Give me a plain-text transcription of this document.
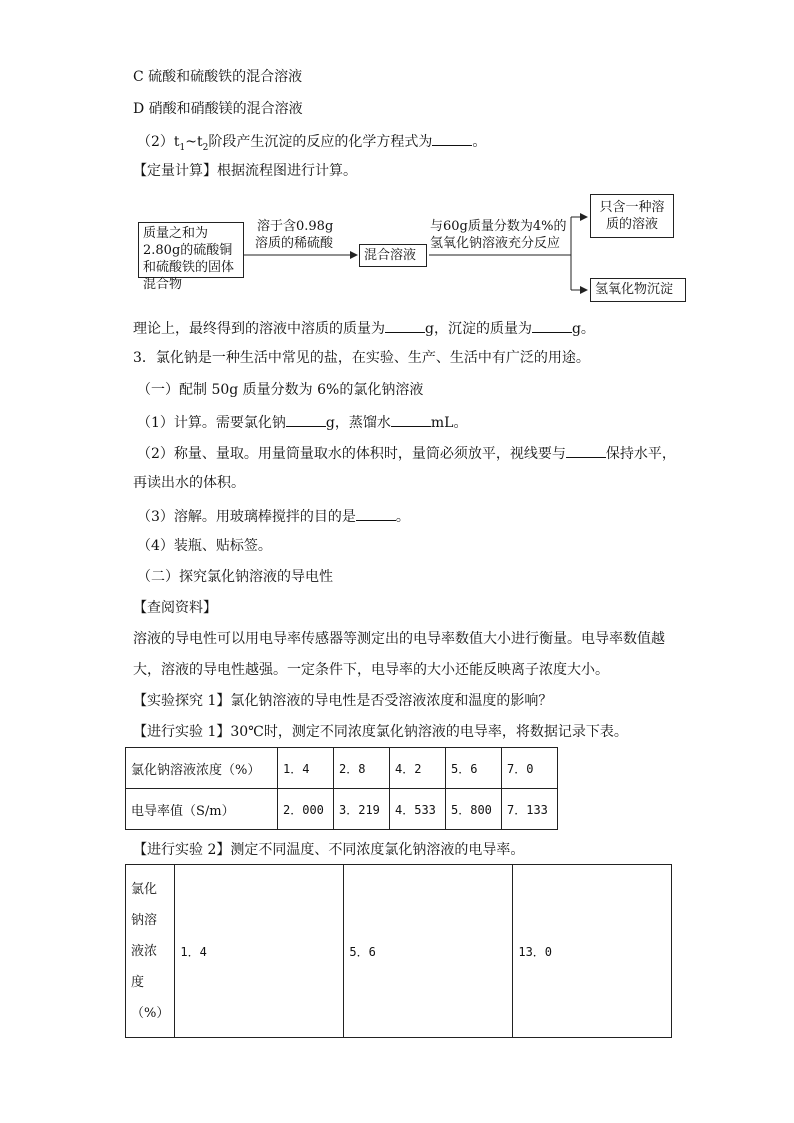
C 硫酸和硫酸铁的混合溶液
D 硝酸和硝酸镁的混合溶液
$(2)t_1\sim t_2$阶段产生沉淀的反应的化学方程式为	。
【定量计算】根据流程图进行计算。
质量之和为2.80g的硫酸铜和硫酸铁的固体混合物
溶于含0.98g
溶质的稀硫酸
混合溶液
与60g质量分数为4%的
氢氧化钠溶液充分反应
只含一种溶质的溶液
氢氧化物沉淀
理论上，最终得到的溶液中溶质的质量为	g，沉淀的质量为	g。
3．氯化钠是一种生活中常见的盐，在实验、生产、生活中有广泛的用途。
（一）配制 50g 质量分数为 6%的氯化钠溶液
（1）计算。需要氯化钠	g，蒸馏水	mL。
（2）称量、量取。用量筒量取水的体积时，量筒必须放平，视线要与	保持水平，
再读出水的体积。
（3）溶解。用玻璃棒搅拌的目的是	。
（4）装瓶、贴标签。
（二）探究氯化钠溶液的导电性
【查阅资料】
溶液的导电性可以用电导率传感器等测定出的电导率数值大小进行衡量。电导率数值越
大，溶液的导电性越强。一定条件下，电导率的大小还能反映离子浓度大小。
【实验探究 1】氯化钠溶液的导电性是否受溶液浓度和温度的影响？
【进行实验 1】30℃时，测定不同浓度氯化钠溶液的电导率，将数据记录下表。
氯化钠溶液浓度（%）	1．4	2．8	4．2	5．6	7．0
电导率值（S/m）	2．000	3．219	4．533	5．800	7．133
【进行实验 2】测定不同温度、不同浓度氯化钠溶液的电导率。
氯化
钠溶
液浓
度
（%）
	1．4	5．6	13．0
